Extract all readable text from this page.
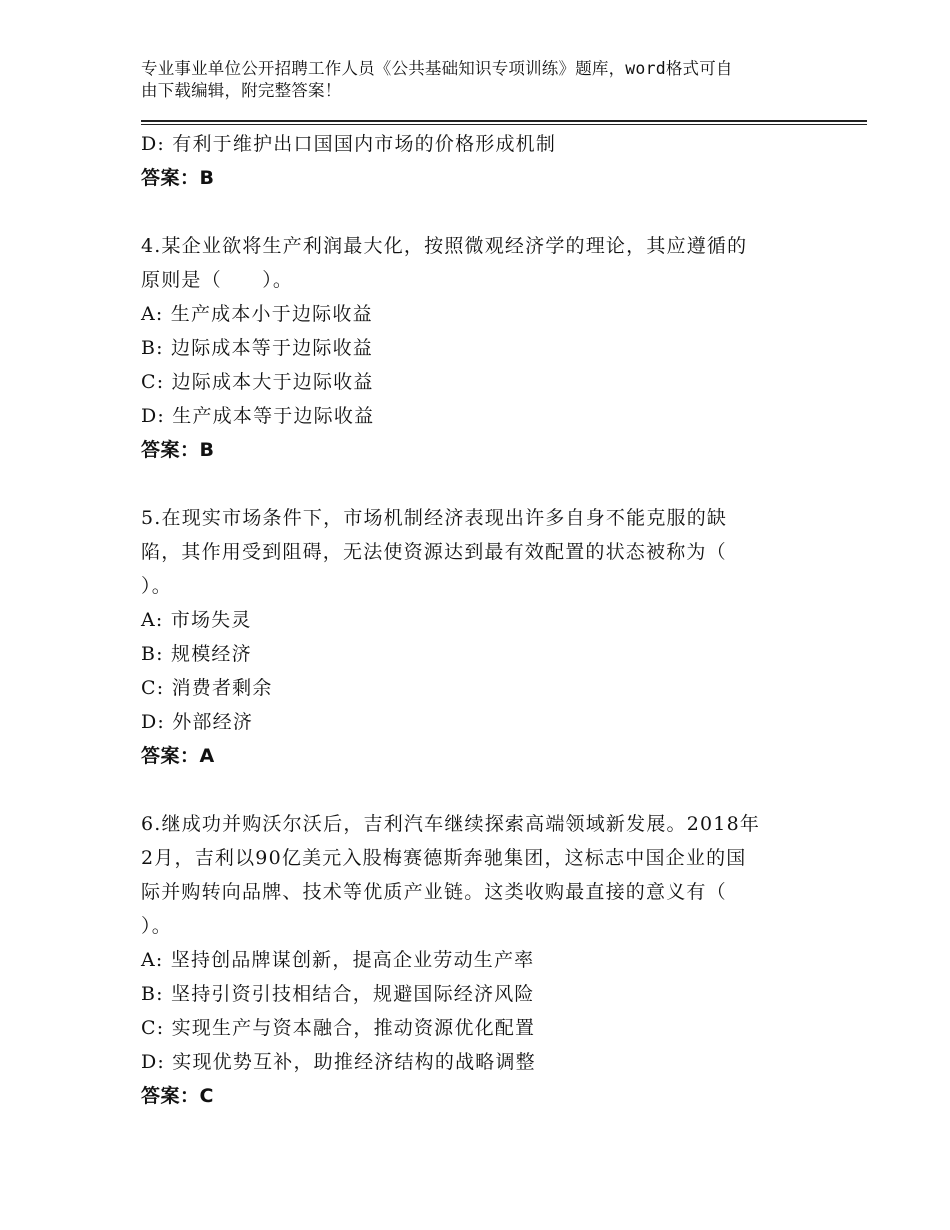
专业事业单位公开招聘工作人员《公共基础知识专项训练》题库，word格式可自
由下载编辑，附完整答案！
D: 有利于维护出口国国内市场的价格形成机制
答案：B
4.某企业欲将生产利润最大化，按照微观经济学的理论，其应遵循的
原则是（　　）。
A: 生产成本小于边际收益
B: 边际成本等于边际收益
C: 边际成本大于边际收益
D: 生产成本等于边际收益
答案：B
5.在现实市场条件下，市场机制经济表现出许多自身不能克服的缺
陷，其作用受到阻碍，无法使资源达到最有效配置的状态被称为（
）。
A: 市场失灵
B: 规模经济
C: 消费者剩余
D: 外部经济
答案：A
6.继成功并购沃尔沃后，吉利汽车继续探索高端领域新发展。2018年
2月，吉利以90亿美元入股梅赛德斯奔驰集团，这标志中国企业的国
际并购转向品牌、技术等优质产业链。这类收购最直接的意义有（
）。
A: 坚持创品牌谋创新，提高企业劳动生产率
B: 坚持引资引技相结合，规避国际经济风险
C: 实现生产与资本融合，推动资源优化配置
D: 实现优势互补，助推经济结构的战略调整
答案：C
